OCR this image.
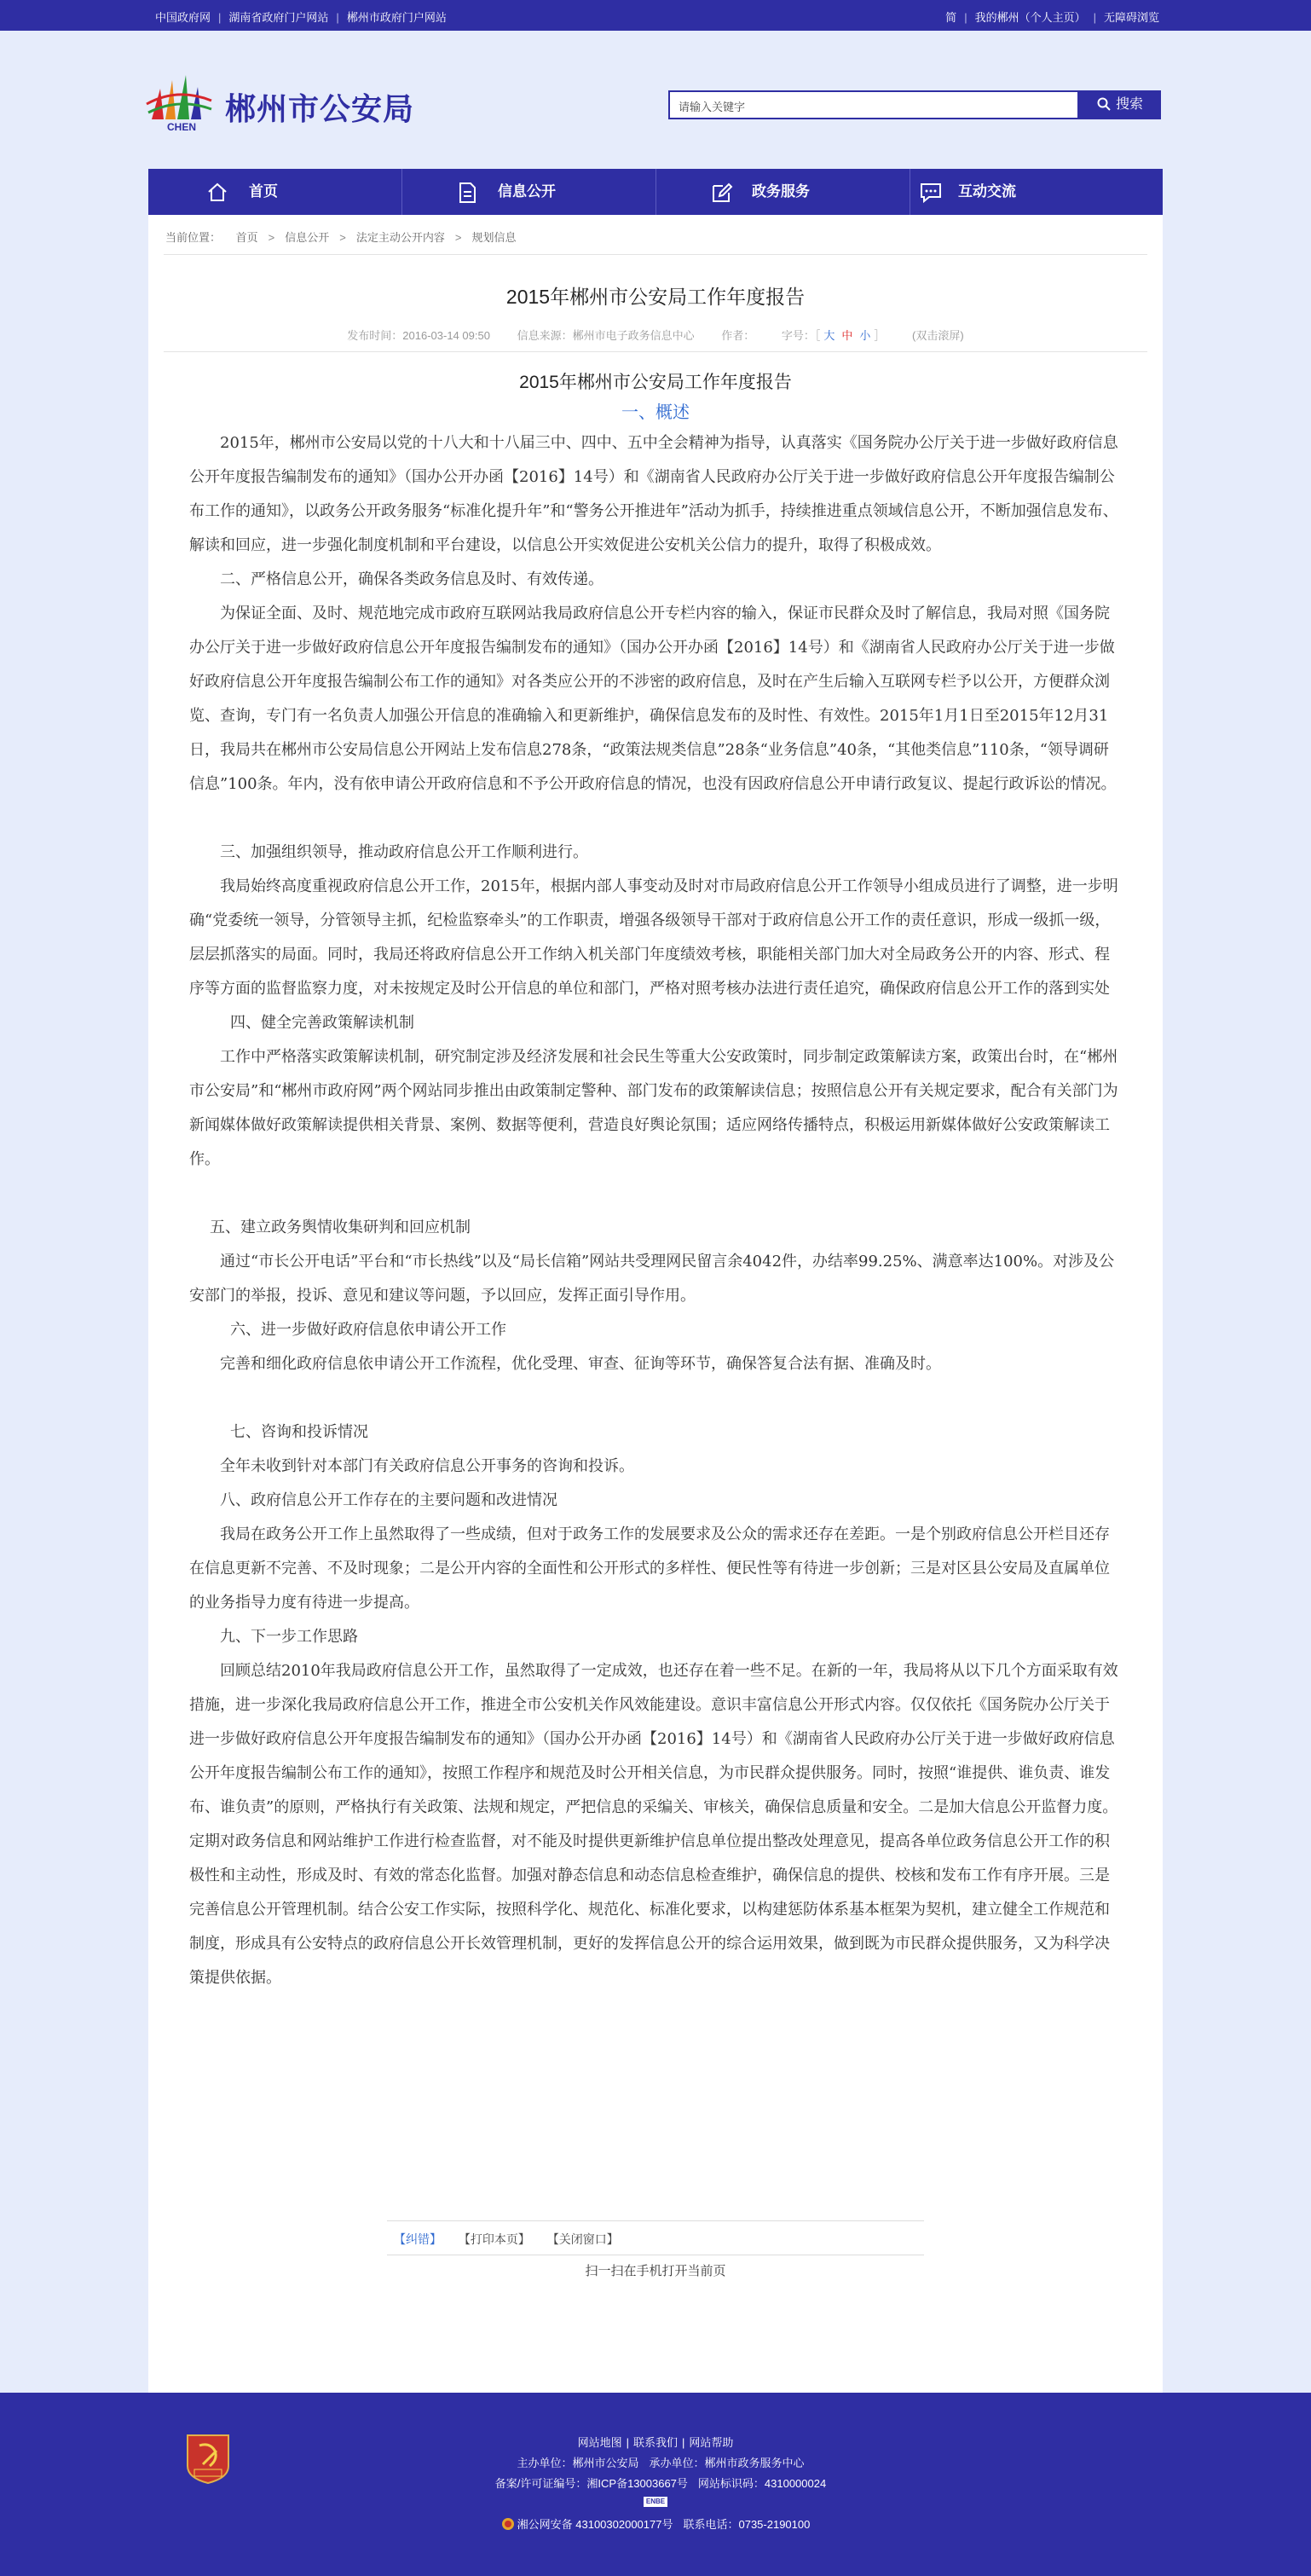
中国政府网 | 湖南省政府门户网站 | 郴州市政府门户网站	简 | 我的郴州（个人主页） | 无障碍浏览
郴州市公安局
CHEN
请输入关键字	搜索
首页	信息公开	政务服务	互动交流
当前位置： 首页 > 信息公开 > 法定主动公开内容 > 规划信息
2015年郴州市公安局工作年度报告
发布时间：2016-03-14 09:50 信息来源：郴州市电子政务信息中心 作者： 字号：［ 大 中 小 ］ (双击滚屏)
2015年郴州市公安局工作年度报告
一、概述

2015年，郴州市公安局以党的十八大和十八届三中、四中、五中全会精神为指导，认真落实《国务院办公厅关于进一步做好政府信息公开年度报告编制发布的通知》（国办公开办函【2016】14号）和《湖南省人民政府办公厅关于进一步做好政府信息公开年度报告编制公布工作的通知》，以政务公开政务服务“标准化提升年”和“警务公开推进年”活动为抓手，持续推进重点领域信息公开，不断加强信息发布、解读和回应，进一步强化制度机制和平台建设，以信息公开实效促进公安机关公信力的提升，取得了积极成效。

二、严格信息公开，确保各类政务信息及时、有效传递。

为保证全面、及时、规范地完成市政府互联网站我局政府信息公开专栏内容的输入，保证市民群众及时了解信息，我局对照《国务院办公厅关于进一步做好政府信息公开年度报告编制发布的通知》（国办公开办函【2016】14号）和《湖南省人民政府办公厅关于进一步做好政府信息公开年度报告编制公布工作的通知》对各类应公开的不涉密的政府信息，及时在产生后输入互联网专栏予以公开，方便群众浏览、查询，专门有一名负责人加强公开信息的准确输入和更新维护，确保信息发布的及时性、有效性。2015年1月1日至2015年12月31日，我局共在郴州市公安局信息公开网站上发布信息278条，“政策法规类信息”28条“业务信息”40条，“其他类信息”110条，“领导调研信息”100条。年内，没有依申请公开政府信息和不予公开政府信息的情况，也没有因政府信息公开申请行政复议、提起行政诉讼的情况。

三、加强组织领导，推动政府信息公开工作顺利进行。

我局始终高度重视政府信息公开工作，2015年，根据内部人事变动及时对市局政府信息公开工作领导小组成员进行了调整，进一步明确“党委统一领导，分管领导主抓，纪检监察牵头”的工作职责，增强各级领导干部对于政府信息公开工作的责任意识，形成一级抓一级，层层抓落实的局面。同时，我局还将政府信息公开工作纳入机关部门年度绩效考核，职能相关部门加大对全局政务公开的内容、形式、程序等方面的监督监察力度，对未按规定及时公开信息的单位和部门，严格对照考核办法进行责任追究，确保政府信息公开工作的落到实处

四、健全完善政策解读机制

工作中严格落实政策解读机制，研究制定涉及经济发展和社会民生等重大公安政策时，同步制定政策解读方案，政策出台时，在“郴州市公安局”和“郴州市政府网”两个网站同步推出由政策制定警种、部门发布的政策解读信息；按照信息公开有关规定要求，配合有关部门为新闻媒体做好政策解读提供相关背景、案例、数据等便利，营造良好舆论氛围；适应网络传播特点，积极运用新媒体做好公安政策解读工作。

五、建立政务舆情收集研判和回应机制

通过“市长公开电话”平台和“市长热线”以及“局长信箱”网站共受理网民留言余4042件，办结率99.25%、满意率达100%。对涉及公安部门的举报，投诉、意见和建议等问题，予以回应，发挥正面引导作用。

六、进一步做好政府信息依申请公开工作

完善和细化政府信息依申请公开工作流程，优化受理、审查、征询等环节，确保答复合法有据、准确及时。

七、咨询和投诉情况

全年未收到针对本部门有关政府信息公开事务的咨询和投诉。

八、政府信息公开工作存在的主要问题和改进情况

我局在政务公开工作上虽然取得了一些成绩，但对于政务工作的发展要求及公众的需求还存在差距。一是个别政府信息公开栏目还存在信息更新不完善、不及时现象；二是公开内容的全面性和公开形式的多样性、便民性等有待进一步创新；三是对区县公安局及直属单位的业务指导力度有待进一步提高。

九、下一步工作思路

回顾总结2010年我局政府信息公开工作，虽然取得了一定成效，也还存在着一些不足。在新的一年，我局将从以下几个方面采取有效措施，进一步深化我局政府信息公开工作，推进全市公安机关作风效能建设。意识丰富信息公开形式内容。仅仅依托《国务院办公厅关于进一步做好政府信息公开年度报告编制发布的通知》（国办公开办函【2016】14号）和《湖南省人民政府办公厅关于进一步做好政府信息公开年度报告编制公布工作的通知》，按照工作程序和规范及时公开相关信息，为市民群众提供服务。同时，按照“谁提供、谁负责、谁发布、谁负责”的原则，严格执行有关政策、法规和规定，严把信息的采编关、审核关，确保信息质量和安全。二是加大信息公开监督力度。定期对政务信息和网站维护工作进行检查监督，对不能及时提供更新维护信息单位提出整改处理意见，提高各单位政务信息公开工作的积极性和主动性，形成及时、有效的常态化监督。加强对静态信息和动态信息检查维护，确保信息的提供、校核和发布工作有序开展。三是完善信息公开管理机制。结合公安工作实际，按照科学化、规范化、标准化要求，以构建惩防体系基本框架为契机，建立健全工作规范和制度，形成具有公安特点的政府信息公开长效管理机制，更好的发挥信息公开的综合运用效果，做到既为市民群众提供服务，又为科学决策提供依据。

【纠错】 【打印本页】 【关闭窗口】
扫一扫在手机打开当前页
网站地图 | 联系我们 | 网站帮助
主办单位：郴州市公安局 承办单位：郴州市政务服务中心
备案/许可证编号：湘ICP备13003667号 网站标识码：4310000024
ENBE
湘公网安备 43100302000177号 联系电话：0735-2190100
